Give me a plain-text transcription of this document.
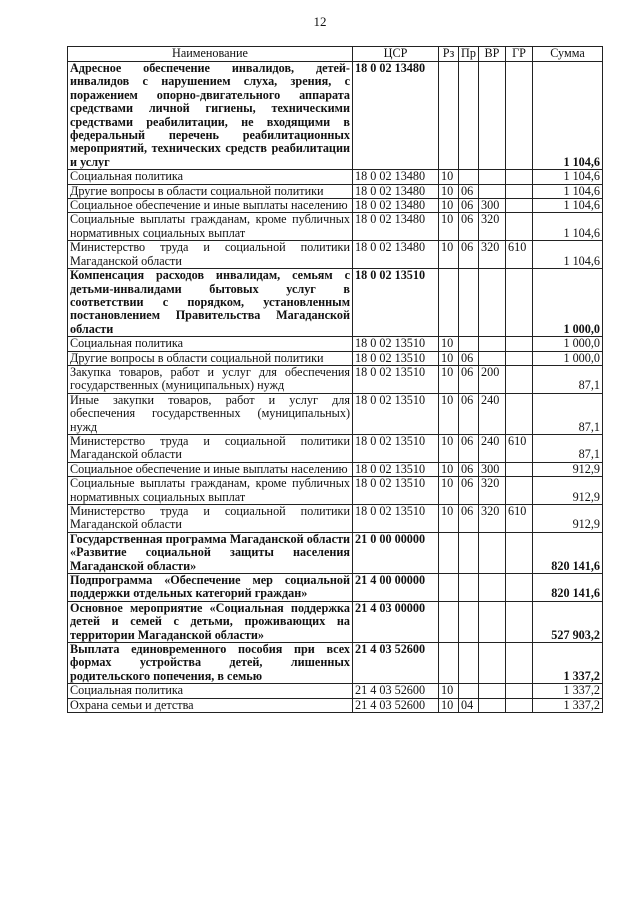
12
Наименование	ЦСР	Рз	Пр	ВР	ГР	Сумма
Адресное обеспечение инвалидов, детей-инвалидов с нарушением слуха, зрения, с поражением опорно-двигательного аппарата средствами личной гигиены, техническими средствами реабилитации, не входящими в федеральный перечень реабилитационных мероприятий, технических средств реабилитации и услуг	18 0 02 13480					1 104,6
Социальная политика	18 0 02 13480	10				1 104,6
Другие вопросы в области социальной политики	18 0 02 13480	10	06			1 104,6
Социальное обеспечение и иные выплаты населению	18 0 02 13480	10	06	300		1 104,6
Социальные выплаты гражданам, кроме публичных нормативных социальных выплат	18 0 02 13480	10	06	320		1 104,6
Министерство труда и социальной политики Магаданской области	18 0 02 13480	10	06	320	610	1 104,6
Компенсация расходов инвалидам, семьям с детьми-инвалидами бытовых услуг в соответствии с порядком, установленным постановлением Правительства Магаданской области	18 0 02 13510					1 000,0
Социальная политика	18 0 02 13510	10				1 000,0
Другие вопросы в области социальной политики	18 0 02 13510	10	06			1 000,0
Закупка товаров, работ и услуг для обеспечения государственных (муниципальных) нужд	18 0 02 13510	10	06	200		87,1
Иные закупки товаров, работ и услуг для обеспечения государственных (муниципальных) нужд	18 0 02 13510	10	06	240		87,1
Министерство труда и социальной политики Магаданской области	18 0 02 13510	10	06	240	610	87,1
Социальное обеспечение и иные выплаты населению	18 0 02 13510	10	06	300		912,9
Социальные выплаты гражданам, кроме публичных нормативных социальных выплат	18 0 02 13510	10	06	320		912,9
Министерство труда и социальной политики Магаданской области	18 0 02 13510	10	06	320	610	912,9
Государственная программа Магаданской области «Развитие социальной защиты населения Магаданской области»	21 0 00 00000					820 141,6
Подпрограмма «Обеспечение мер социальной поддержки отдельных категорий граждан»	21 4 00 00000					820 141,6
Основное мероприятие «Социальная поддержка детей и семей с детьми, проживающих на территории Магаданской области»	21 4 03 00000					527 903,2
Выплата единовременного пособия при всех формах устройства детей, лишенных родительского попечения, в семью	21 4 03 52600					1 337,2
Социальная политика	21 4 03 52600	10				1 337,2
Охрана семьи и детства	21 4 03 52600	10	04			1 337,2
